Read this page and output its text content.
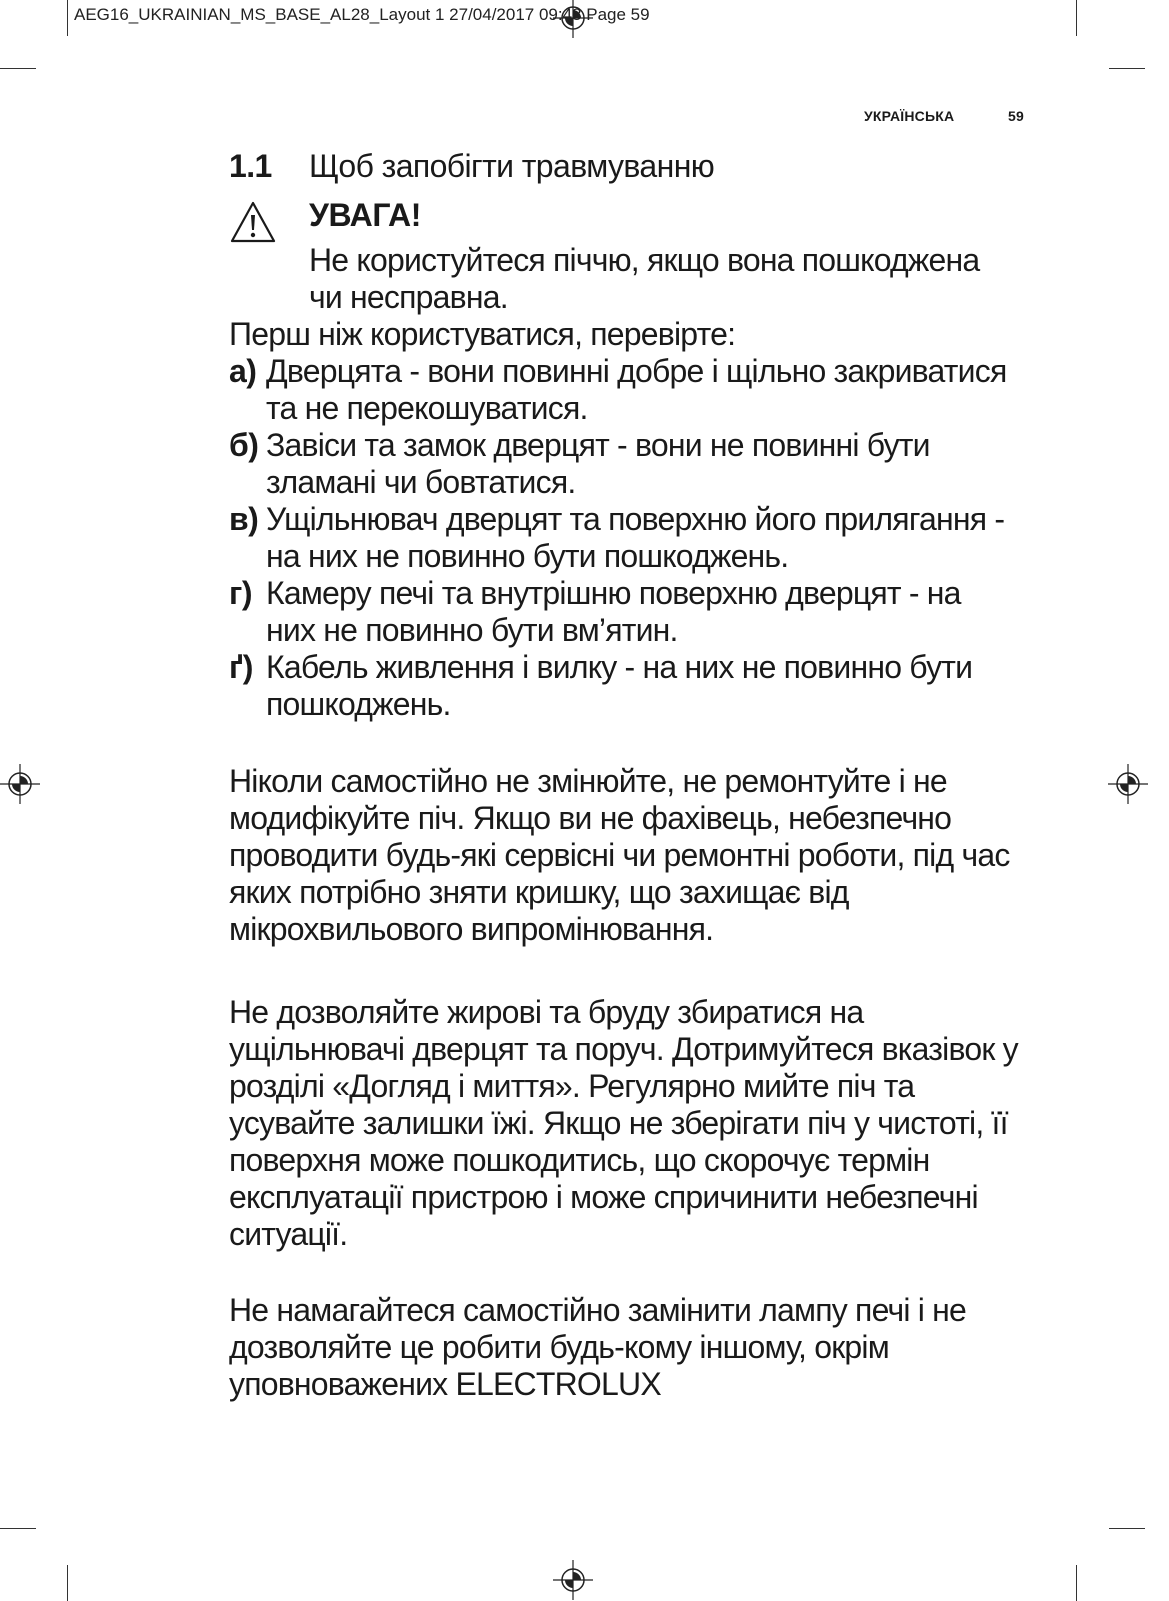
AEG16_UKRAINIAN_MS_BASE_AL28_Layout 1 27/04/2017 09:48 Page 59
УКРАЇНСЬКА	59
1.1 Щоб запобігти травмуванню
УВАГА!
Не користуйтеся піччю, якщо вона пошкоджена чи несправна.
Перш ніж користуватися, перевірте:
а) Дверцята - вони повинні добре і щільно закриватися та не перекошуватися.
б) Завіси та замок дверцят - вони не повинні бути зламані чи бовтатися.
в) Ущільнювач дверцят та поверхню його прилягання - на них не повинно бути пошкоджень.
г) Камеру печі та внутрішню поверхню дверцят - на них не повинно бути вм’ятин.
ґ) Кабель живлення і вилку - на них не повинно бути пошкоджень.
Ніколи самостійно не змінюйте, не ремонтуйте і не модифікуйте піч. Якщо ви не фахівець, небезпечно проводити будь-які сервісні чи ремонтні роботи, під час яких потрібно зняти кришку, що захищає від мікрохвильового випромінювання.
Не дозволяйте жирові та бруду збиратися на ущільнювачі дверцят та поруч. Дотримуйтеся вказівок у розділі «Догляд і миття». Регулярно мийте піч та усувайте залишки їжі. Якщо не зберігати піч у чистоті, її поверхня може пошкодитись, що скорочує термін експлуатації пристрою і може спричинити небезпечні ситуації.
Не намагайтеся самостійно замінити лампу печі і не дозволяйте це робити будь-кому іншому, окрім уповноважених ELECTROLUX
